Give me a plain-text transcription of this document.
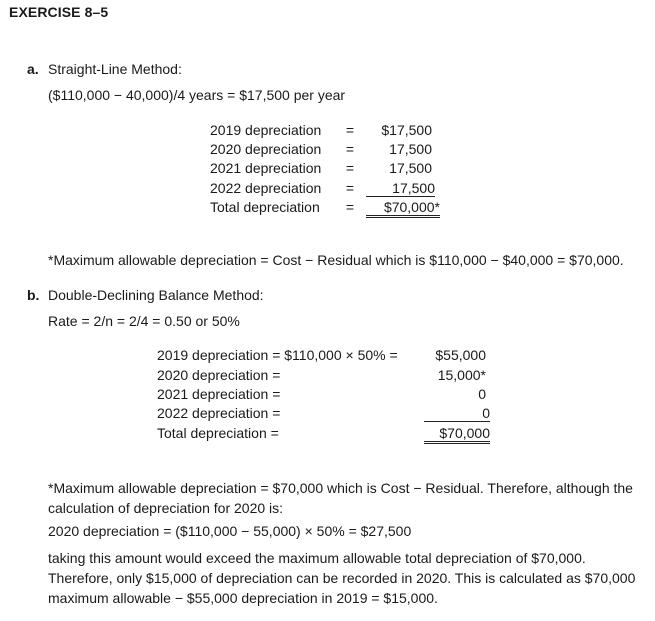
EXERCISE 8–5
a. Straight-Line Method:
($110,000 − 40,000)/4 years = $17,500 per year
2019 depreciation =	$17,500
2020 depreciation =	17,500
2021 depreciation =	17,500
2022 depreciation =	17,500
Total depreciation =	$70,000*
*Maximum allowable depreciation = Cost − Residual which is $110,000 − $40,000 = $70,000.
b. Double-Declining Balance Method:
Rate = 2/n = 2/4 = 0.50 or 50%
2019 depreciation = $110,000 × 50% =	$55,000
2020 depreciation =	15,000*
2021 depreciation =	0
2022 depreciation =	0
Total depreciation =	$70,000
*Maximum allowable depreciation = $70,000 which is Cost − Residual. Therefore, although the calculation of depreciation for 2020 is:
2020 depreciation = ($110,000 − 55,000) × 50% = $27,500
taking this amount would exceed the maximum allowable total depreciation of $70,000. Therefore, only $15,000 of depreciation can be recorded in 2020. This is calculated as $70,000 maximum allowable − $55,000 depreciation in 2019 = $15,000.
